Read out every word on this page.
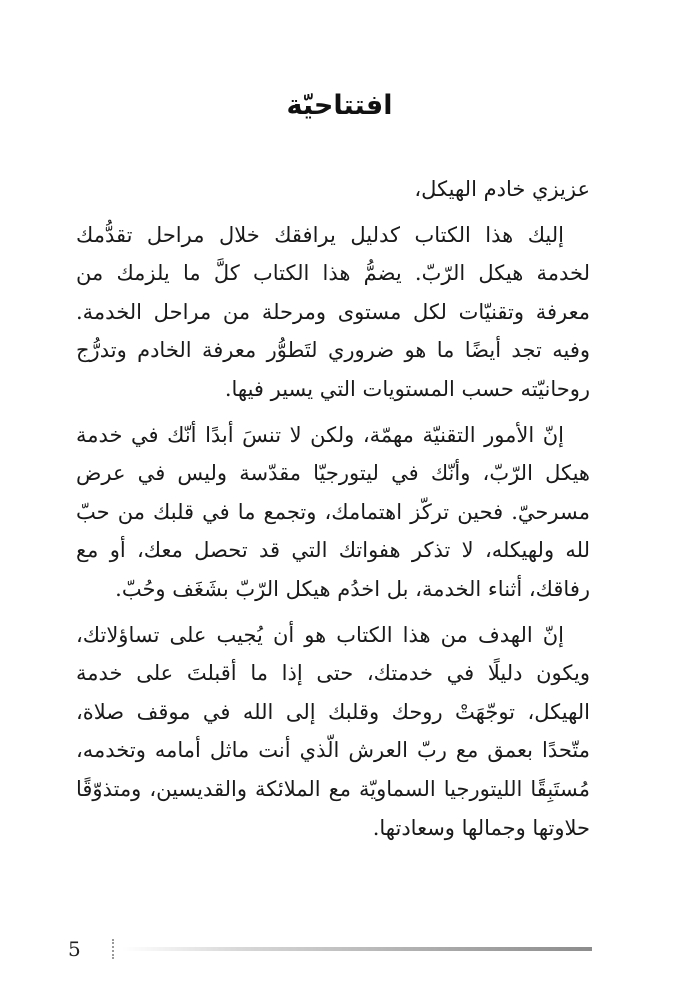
افتتاحيّة

عزيزي خادم الهيكل،

إليك هذا الكتاب كدليل يرافقك خلال مراحل تقدُّمك لخدمة هيكل الرّبّ. يضمُّ هذا الكتاب كلَّ ما يلزمك من معرفة وتقنيّات لكل مستوى ومرحلة من مراحل الخدمة. وفيه تجد أيضًا ما هو ضروري لتَطوُّر معرفة الخادم وتدرُّج روحانيّته حسب المستويات التي يسير فيها.

إنّ الأمور التقنيّة مهمّة، ولكن لا تنسَ أبدًا أنّك في خدمة هيكل الرّبّ، وأنّك في ليتورجيّا مقدّسة وليس في عرض مسرحيّ. فحين تركّز اهتمامك، وتجمع ما في قلبك من حبّ لله ولهيكله، لا تذكر هفواتك التي قد تحصل معك، أو مع رفاقك، أثناء الخدمة، بل اخدُم هيكل الرّبّ بشَغَف وحُبّ.

إنّ الهدف من هذا الكتاب هو أن يُجيب على تساؤلاتك، ويكون دليلًا في خدمتك، حتى إذا ما أقبلتَ على خدمة الهيكل، توجّهَتْ روحك وقلبك إلى الله في موقف صلاة، متّحدًا بعمق مع ربّ العرش الّذي أنت ماثل أمامه وتخدمه، مُستَبِقًا الليتورجيا السماويّة مع الملائكة والقديسين، ومتذوّقًا حلاوتها وجمالها وسعادتها.

5
